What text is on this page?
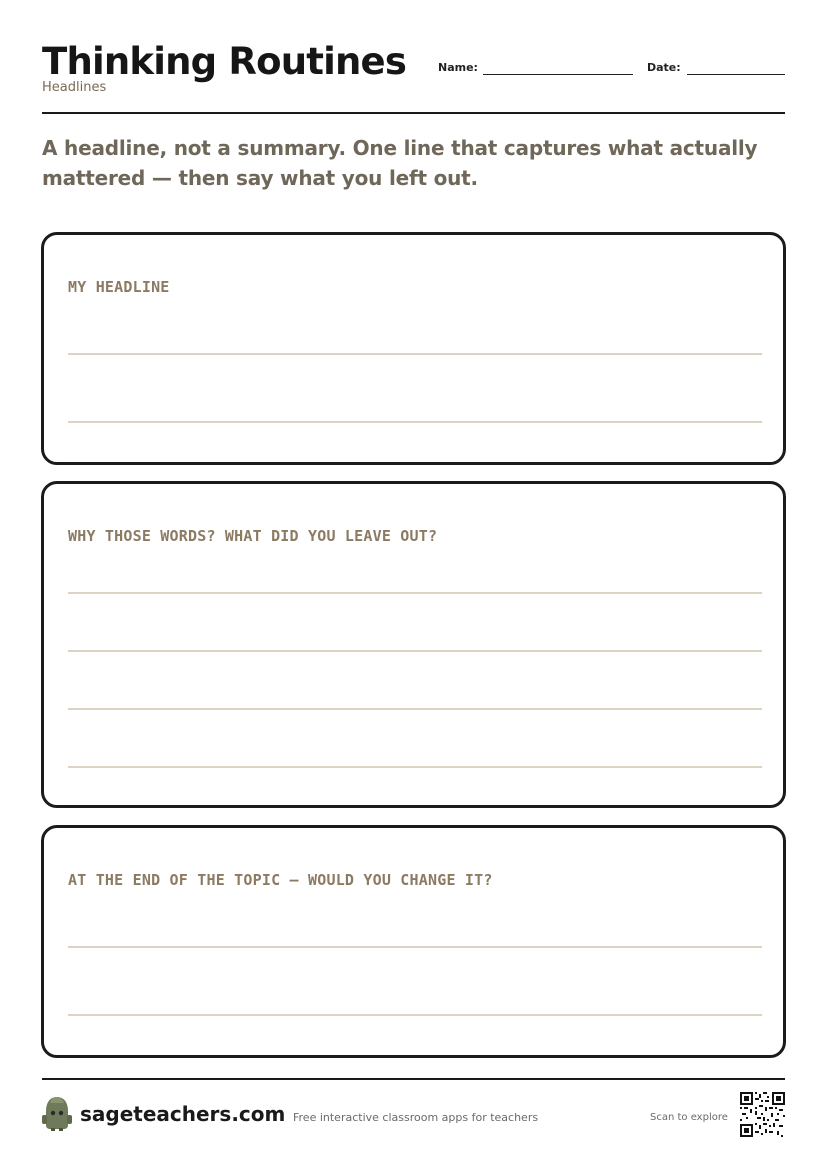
Thinking Routines
Headlines
Name:	Date:
A headline, not a summary. One line that captures what actually mattered — then say what you left out.
MY HEADLINE
WHY THOSE WORDS? WHAT DID YOU LEAVE OUT?
AT THE END OF THE TOPIC — WOULD YOU CHANGE IT?
sageteachers.com Free interactive classroom apps for teachers	Scan to explore
